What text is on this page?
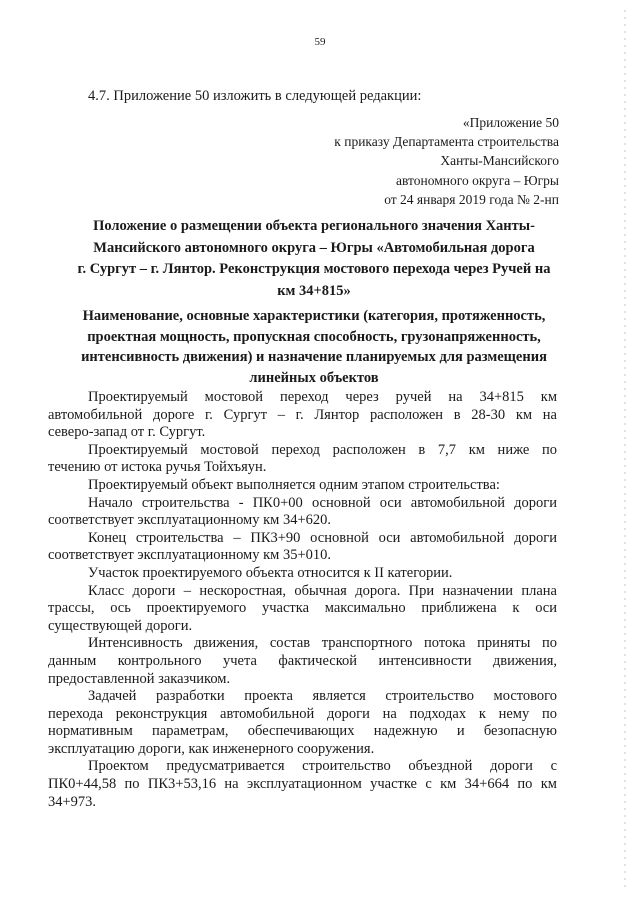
59
4.7. Приложение 50 изложить в следующей редакции:
«Приложение 50
к приказу Департамента строительства
Ханты-Мансийского
автономного округа – Югры
от 24 января 2019 года № 2-нп
Положение о размещении объекта регионального значения Ханты-
Мансийского автономного округа – Югры «Автомобильная дорога
г. Сургут – г. Лянтор. Реконструкция мостового перехода через Ручей на
км 34+815»
Наименование, основные характеристики (категория, протяженность,
проектная мощность, пропускная способность, грузонапряженность,
интенсивность движения) и назначение планируемых для размещения
линейных объектов
Проектируемый мостовой переход через ручей на 34+815 км
автомобильной дороге г. Сургут – г. Лянтор расположен в 28-30 км на
северо-запад от г. Сургут.
Проектируемый мостовой переход расположен в 7,7 км ниже по
течению от истока ручья Тойхъяун.
Проектируемый объект выполняется одним этапом строительства:
Начало строительства - ПК0+00 основной оси автомобильной дороги
соответствует эксплуатационному км 34+620.
Конец строительства – ПК3+90 основной оси автомобильной дороги
соответствует эксплуатационному км 35+010.
Участок проектируемого объекта относится к II категории.
Класс дороги – нескоростная, обычная дорога. При назначении плана
трассы, ось проектируемого участка максимально приближена к оси
существующей дороги.
Интенсивность движения, состав транспортного потока приняты по
данным контрольного учета фактической интенсивности движения,
предоставленной заказчиком.
Задачей разработки проекта является строительство мостового
перехода реконструкция автомобильной дороги на подходах к нему по
нормативным параметрам, обеспечивающих надежную и безопасную
эксплуатацию дороги, как инженерного сооружения.
Проектом предусматривается строительство объездной дороги с
ПК0+44,58 по ПК3+53,16 на эксплуатационном участке с км 34+664 по км
34+973.
